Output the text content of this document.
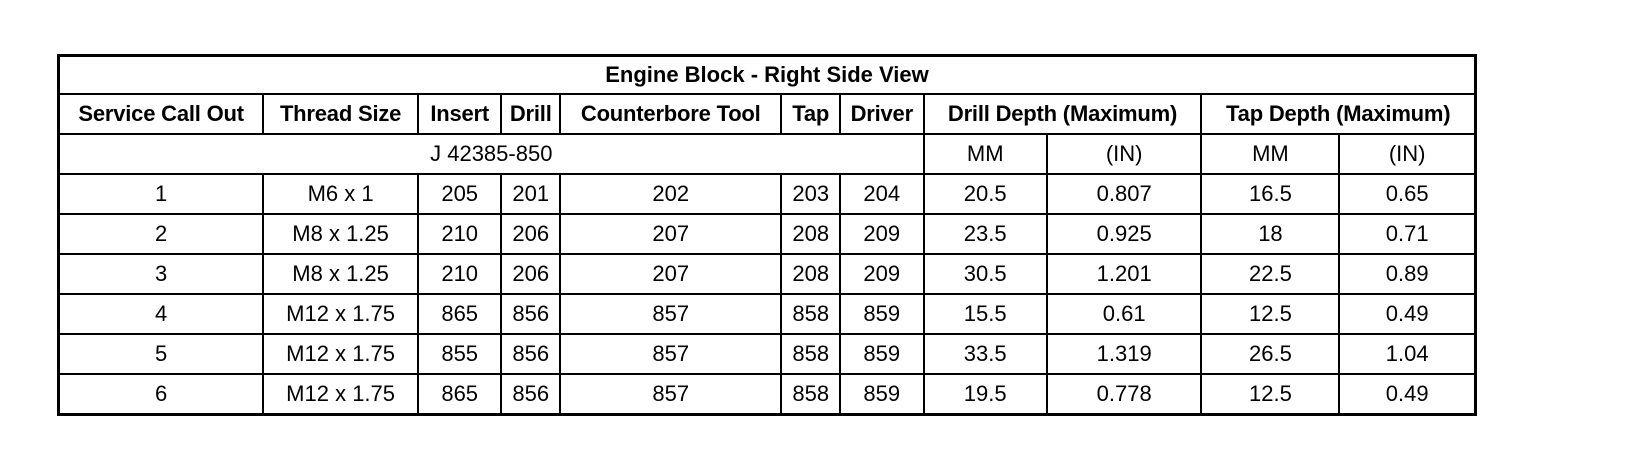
Engine Block - Right Side View										
Service Call Out	Thread Size	Insert	Drill	Counterbore Tool	Tap	Driver	Drill Depth (Maximum)		Tap Depth (Maximum)	
J 42385-850							MM	(IN)	MM	(IN)
1	M6 x 1	205	201	202	203	204	20.5	0.807	16.5	0.65
2	M8 x 1.25	210	206	207	208	209	23.5	0.925	18	0.71
3	M8 x 1.25	210	206	207	208	209	30.5	1.201	22.5	0.89
4	M12 x 1.75	865	856	857	858	859	15.5	0.61	12.5	0.49
5	M12 x 1.75	855	856	857	858	859	33.5	1.319	26.5	1.04
6	M12 x 1.75	865	856	857	858	859	19.5	0.778	12.5	0.49
